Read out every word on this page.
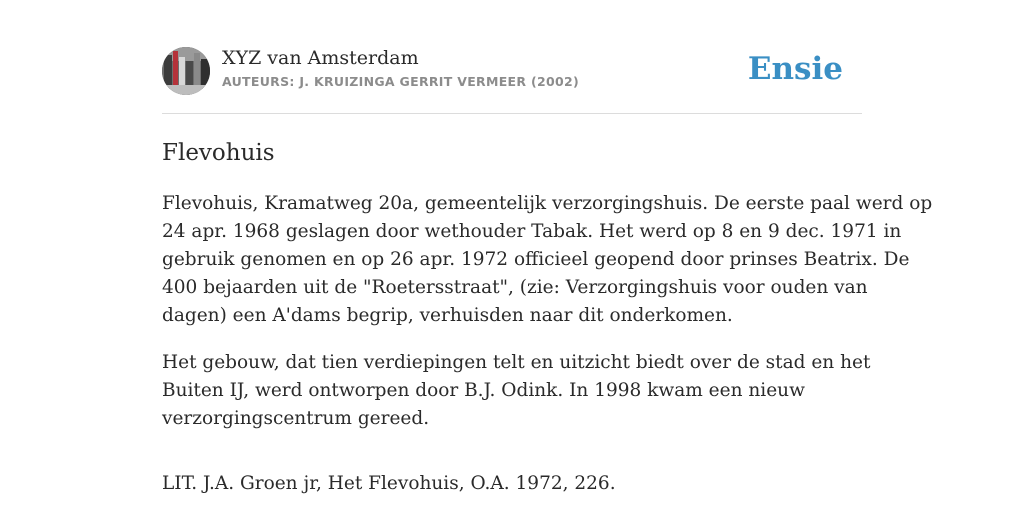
XYZ van Amsterdam
AUTEURS: J. KRUIZINGA GERRIT VERMEER (2002)	Ensie
Flevohuis

Flevohuis, Kramatweg 20a, gemeentelijk verzorgingshuis. De eerste paal werd op
24 apr. 1968 geslagen door wethouder Tabak. Het werd op 8 en 9 dec. 1971 in
gebruik genomen en op 26 apr. 1972 officieel geopend door prinses Beatrix. De
400 bejaarden uit de "Roetersstraat", (zie: Verzorgingshuis voor ouden van
dagen) een A'dams begrip, verhuisden naar dit onderkomen.

Het gebouw, dat tien verdiepingen telt en uitzicht biedt over de stad en het
Buiten IJ, werd ontworpen door B.J. Odink. In 1998 kwam een nieuw
verzorgingscentrum gereed.

LIT. J.A. Groen jr, Het Flevohuis, O.A. 1972, 226.
